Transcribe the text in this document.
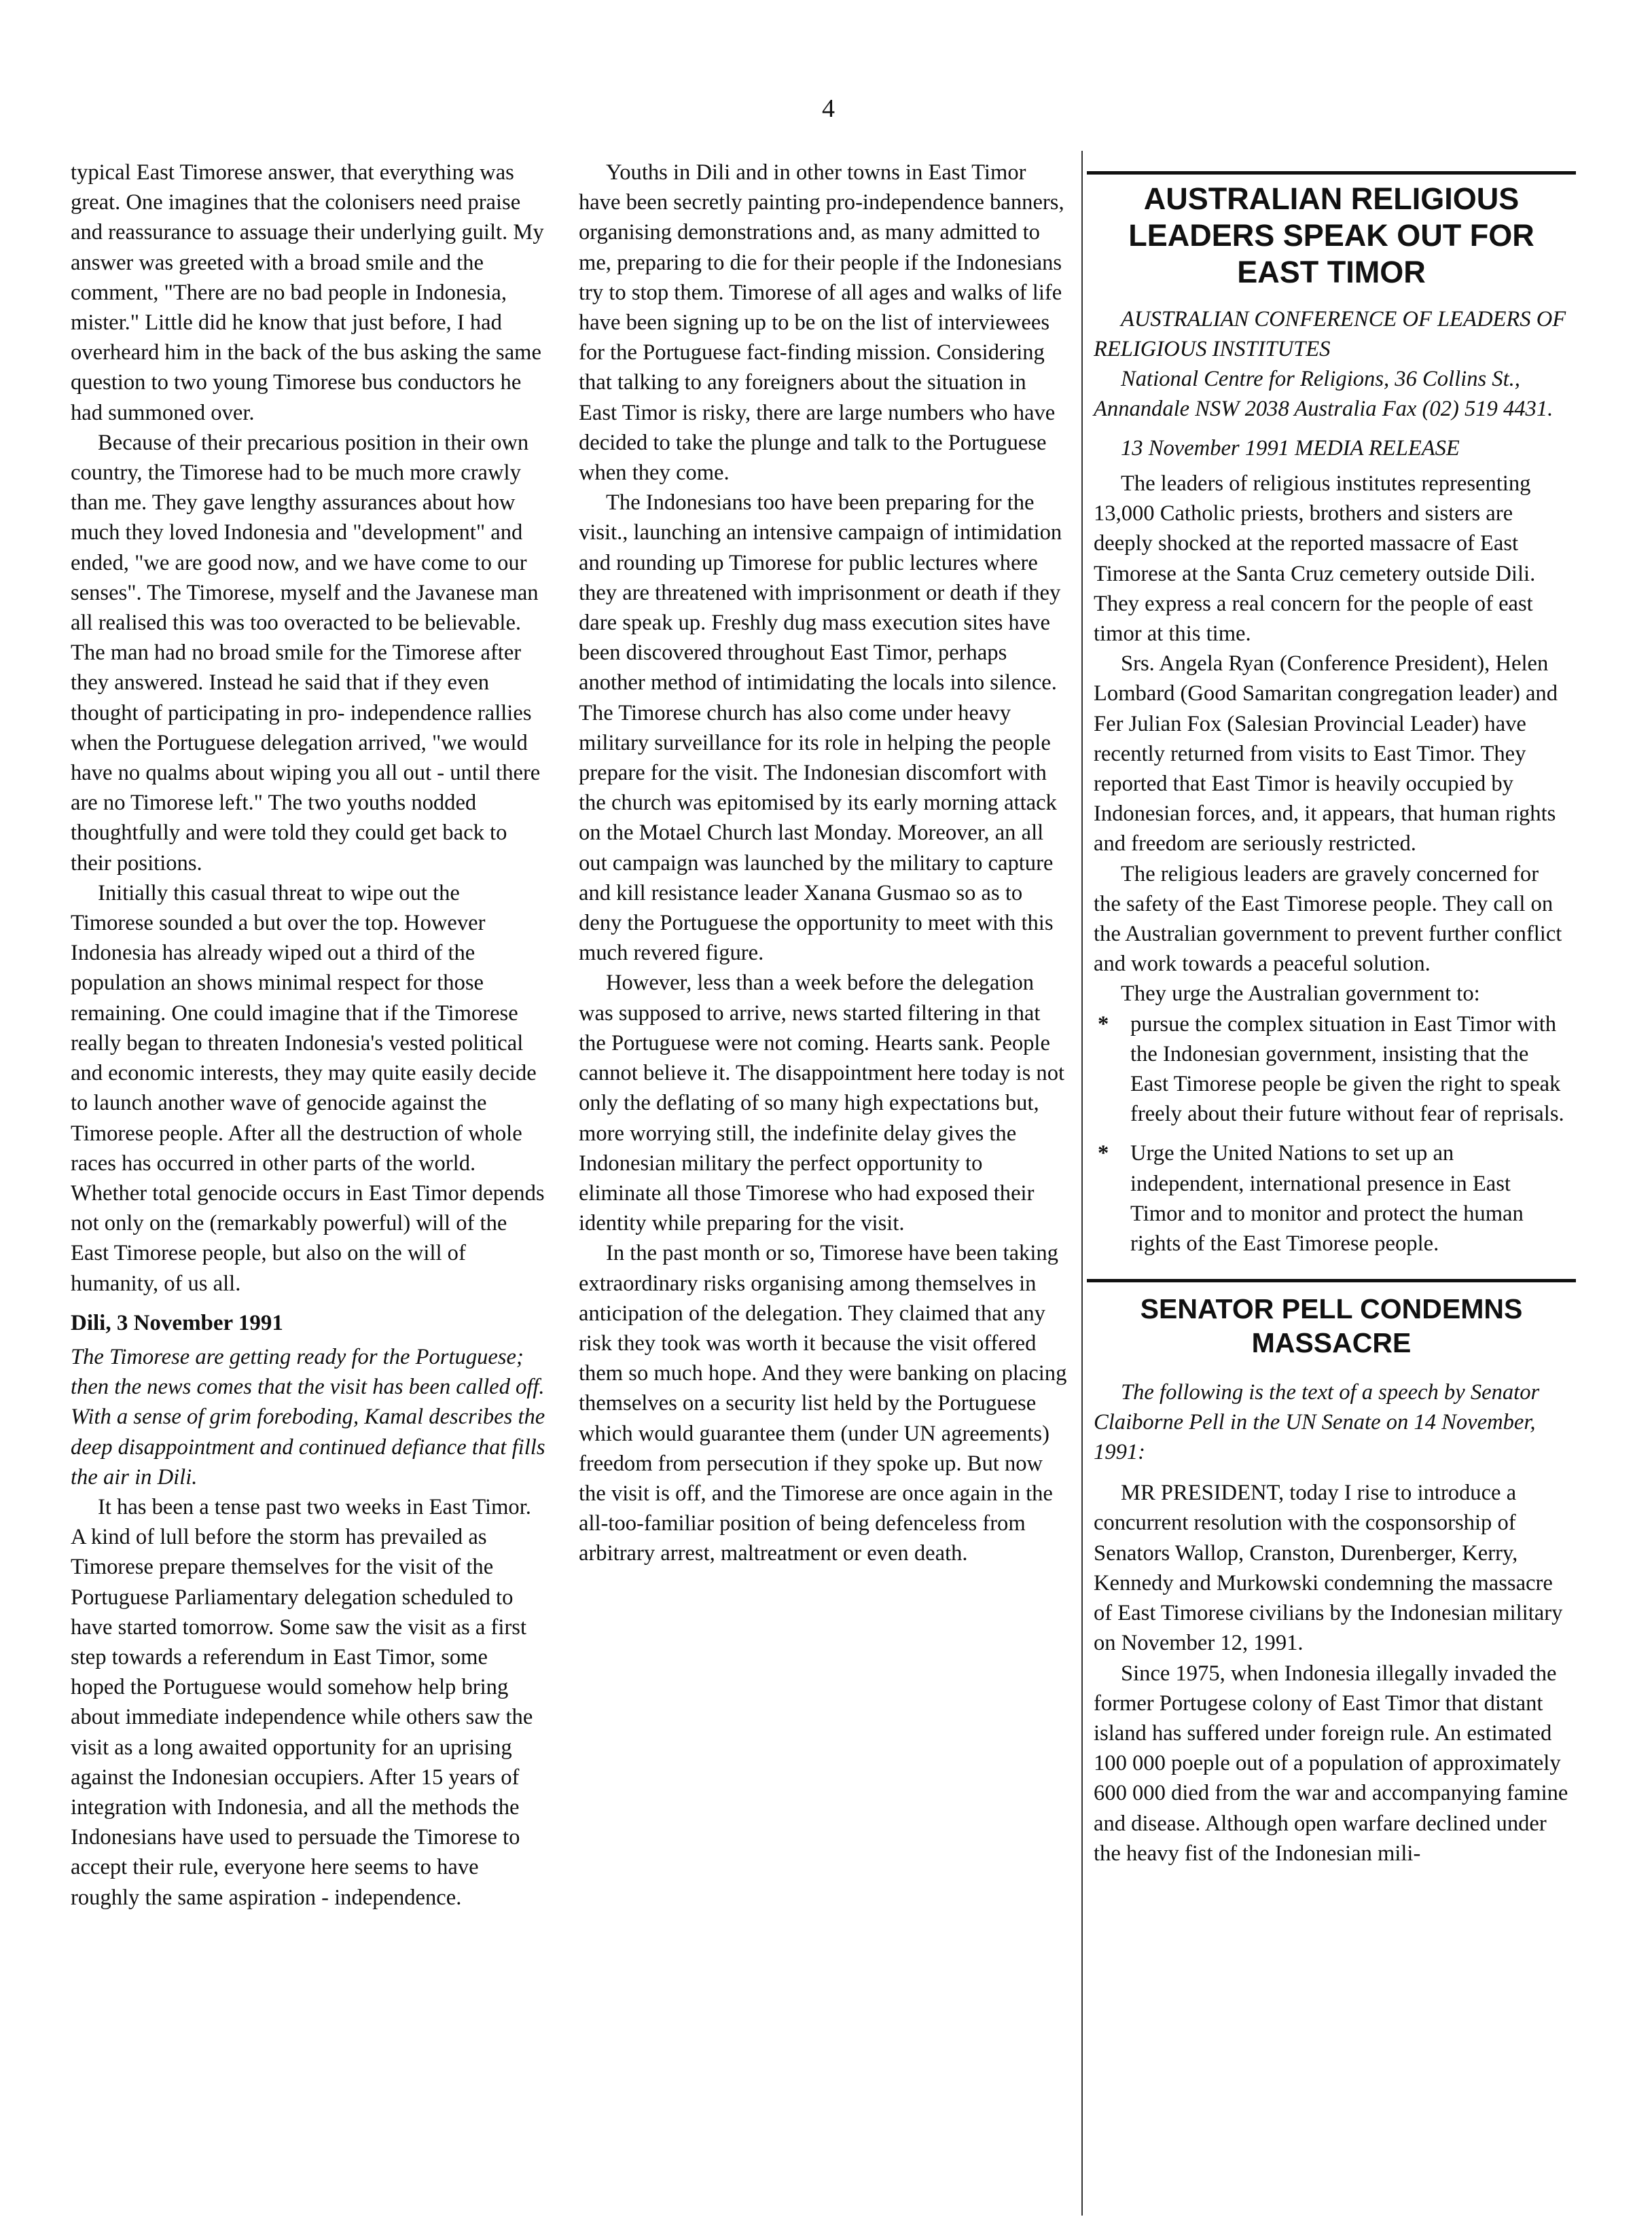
4

typical East Timorese answer, that everything was great. One imagines that the colonisers need praise and reassurance to assuage their underlying guilt. My answer was greeted with a broad smile and the comment, "There are no bad people in Indonesia, mister." Little did he know that just before, I had overheard him in the back of the bus asking the same question to two young Timorese bus conductors he had summoned over.

Because of their precarious position in their own country, the Timorese had to be much more crawly than me. They gave lengthy assurances about how much they loved Indonesia and "development" and ended, "we are good now, and we have come to our senses". The Timorese, myself and the Javanese man all realised this was too overacted to be believable. The man had no broad smile for the Timorese after they answered. Instead he said that if they even thought of participating in pro- independence rallies when the Portuguese delegation arrived, "we would have no qualms about wiping you all out - until there are no Timorese left." The two youths nodded thoughtfully and were told they could get back to their positions.

Initially this casual threat to wipe out the Timorese sounded a but over the top. However Indonesia has already wiped out a third of the population an shows minimal respect for those remaining. One could imagine that if the Timorese really began to threaten Indonesia's vested political and economic interests, they may quite easily decide to launch another wave of genocide against the Timorese people. After all the destruction of whole races has occurred in other parts of the world. Whether total genocide occurs in East Timor depends not only on the (remarkably powerful) will of the East Timorese people, but also on the will of humanity, of us all.

Dili, 3 November 1991

The Timorese are getting ready for the Portuguese; then the news comes that the visit has been called off. With a sense of grim foreboding, Kamal describes the deep disappointment and continued defiance that fills the air in Dili.

It has been a tense past two weeks in East Timor. A kind of lull before the storm has prevailed as Timorese prepare themselves for the visit of the Portuguese Parliamentary delegation scheduled to have started tomorrow. Some saw the visit as a first step towards a referendum in East Timor, some hoped the Portuguese would somehow help bring about immediate independence while others saw the visit as a long awaited opportunity for an uprising against the Indonesian occupiers. After 15 years of integration with Indonesia, and all the methods the Indonesians have used to persuade the Timorese to accept their rule, everyone here seems to have roughly the same aspiration - independence.

Youths in Dili and in other towns in East Timor have been secretly painting pro-independence banners, organising demonstrations and, as many admitted to me, preparing to die for their people if the Indonesians try to stop them. Timorese of all ages and walks of life have been signing up to be on the list of interviewees for the Portuguese fact-finding mission. Considering that talking to any foreigners about the situation in East Timor is risky, there are large numbers who have decided to take the plunge and talk to the Portuguese when they come.

The Indonesians too have been preparing for the visit., launching an intensive campaign of intimidation and rounding up Timorese for public lectures where they are threatened with imprisonment or death if they dare speak up. Freshly dug mass execution sites have been discovered throughout East Timor, perhaps another method of intimidating the locals into silence. The Timorese church has also come under heavy military surveillance for its role in helping the people prepare for the visit. The Indonesian discomfort with the church was epitomised by its early morning attack on the Motael Church last Monday. Moreover, an all out campaign was launched by the military to capture and kill resistance leader Xanana Gusmao so as to deny the Portuguese the opportunity to meet with this much revered figure.

However, less than a week before the delegation was supposed to arrive, news started filtering in that the Portuguese were not coming. Hearts sank. People cannot believe it. The disappointment here today is not only the deflating of so many high expectations but, more worrying still, the indefinite delay gives the Indonesian military the perfect opportunity to eliminate all those Timorese who had exposed their identity while preparing for the visit.

In the past month or so, Timorese have been taking extraordinary risks organising among themselves in anticipation of the delegation. They claimed that any risk they took was worth it because the visit offered them so much hope. And they were banking on placing themselves on a security list held by the Portuguese which would guarantee them (under UN agreements) freedom from persecution if they spoke up. But now the visit is off, and the Timorese are once again in the all-too-familiar position of being defenceless from arbitrary arrest, maltreatment or even death.

AUSTRALIAN RELIGIOUS LEADERS SPEAK OUT FOR EAST TIMOR

AUSTRALIAN CONFERENCE OF LEADERS OF RELIGIOUS INSTITUTES

National Centre for Religions, 36 Collins St., Annandale NSW 2038 Australia Fax (02) 519 4431.

13 November 1991 MEDIA RELEASE

The leaders of religious institutes representing 13,000 Catholic priests, brothers and sisters are deeply shocked at the reported massacre of East Timorese at the Santa Cruz cemetery outside Dili. They express a real concern for the people of east timor at this time.

Srs. Angela Ryan (Conference President), Helen Lombard (Good Samaritan congregation leader) and Fer Julian Fox (Salesian Provincial Leader) have recently returned from visits to East Timor. They reported that East Timor is heavily occupied by Indonesian forces, and, it appears, that human rights and freedom are seriously restricted.

The religious leaders are gravely concerned for the safety of the East Timorese people. They call on the Australian government to prevent further conflict and work towards a peaceful solution.

They urge the Australian government to:

* pursue the complex situation in East Timor with the Indonesian government, insisting that the East Timorese people be given the right to speak freely about their future without fear of reprisals.
* Urge the United Nations to set up an independent, international presence in East Timor and to monitor and protect the human rights of the East Timorese people.
SENATOR PELL CONDEMNS MASSACRE

The following is the text of a speech by Senator Claiborne Pell in the UN Senate on 14 November, 1991:

MR PRESIDENT, today I rise to introduce a concurrent resolution with the cosponsorship of Senators Wallop, Cranston, Durenberger, Kerry, Kennedy and Murkowski condemning the massacre of East Timorese civilians by the Indonesian military on November 12, 1991.

Since 1975, when Indonesia illegally invaded the former Portugese colony of East Timor that distant island has suffered under foreign rule. An estimated 100 000 poeple out of a population of approximately 600 000 died from the war and accompanying famine and disease. Although open warfare declined under the heavy fist of the Indonesian mili-
